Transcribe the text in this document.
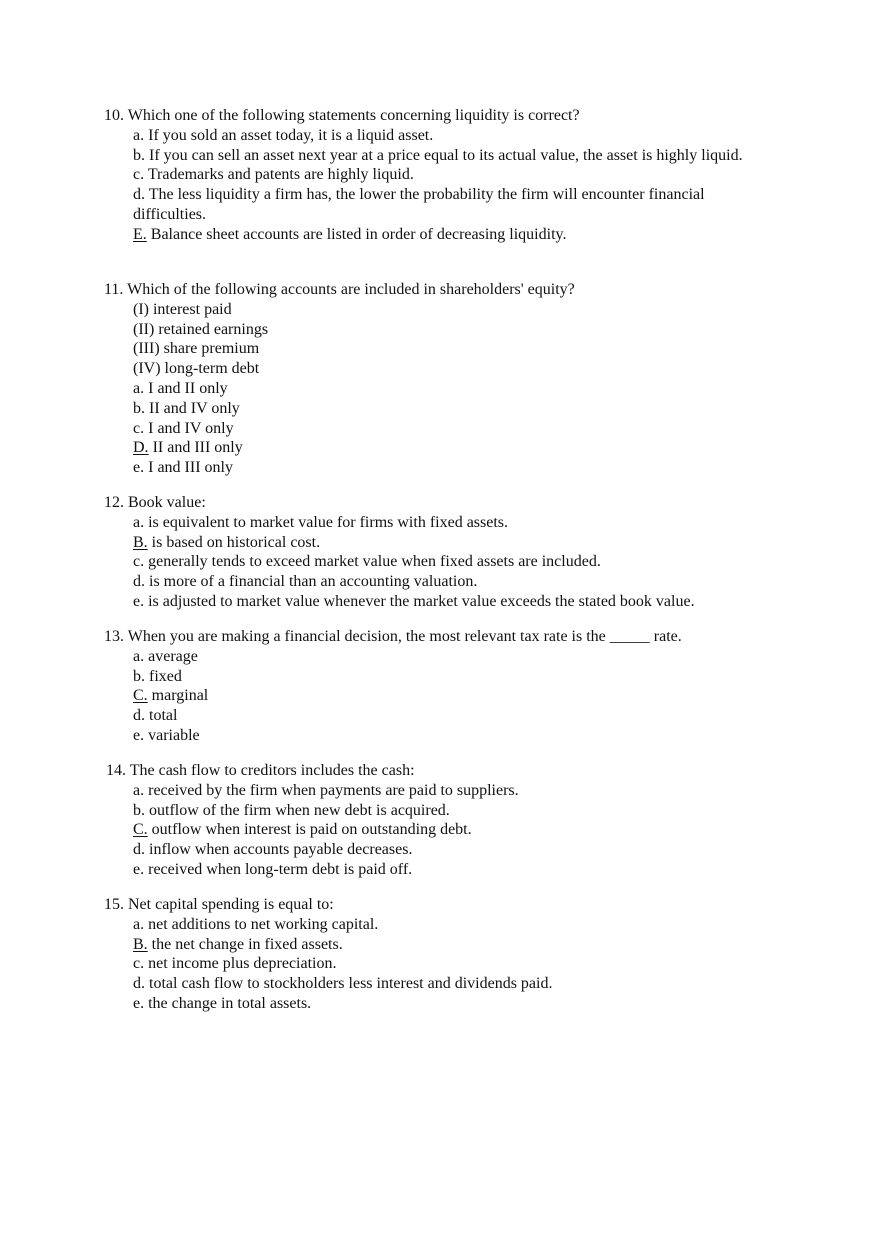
10. Which one of the following statements concerning liquidity is correct?
a. If you sold an asset today, it is a liquid asset.
b. If you can sell an asset next year at a price equal to its actual value, the asset is highly liquid.
c. Trademarks and patents are highly liquid.
d. The less liquidity a firm has, the lower the probability the firm will encounter financial difficulties.
E. Balance sheet accounts are listed in order of decreasing liquidity.
11. Which of the following accounts are included in shareholders' equity?
(I) interest paid
(II) retained earnings
(III) share premium
(IV) long-term debt
a. I and II only
b. II and IV only
c. I and IV only
D. II and III only
e. I and III only
12. Book value:
a. is equivalent to market value for firms with fixed assets.
B. is based on historical cost.
c. generally tends to exceed market value when fixed assets are included.
d. is more of a financial than an accounting valuation.
e. is adjusted to market value whenever the market value exceeds the stated book value.
13. When you are making a financial decision, the most relevant tax rate is the _____ rate.
a. average
b. fixed
C. marginal
d. total
e. variable
14. The cash flow to creditors includes the cash:
a. received by the firm when payments are paid to suppliers.
b. outflow of the firm when new debt is acquired.
C. outflow when interest is paid on outstanding debt.
d. inflow when accounts payable decreases.
e. received when long-term debt is paid off.
15. Net capital spending is equal to:
a. net additions to net working capital.
B. the net change in fixed assets.
c. net income plus depreciation.
d. total cash flow to stockholders less interest and dividends paid.
e. the change in total assets.
